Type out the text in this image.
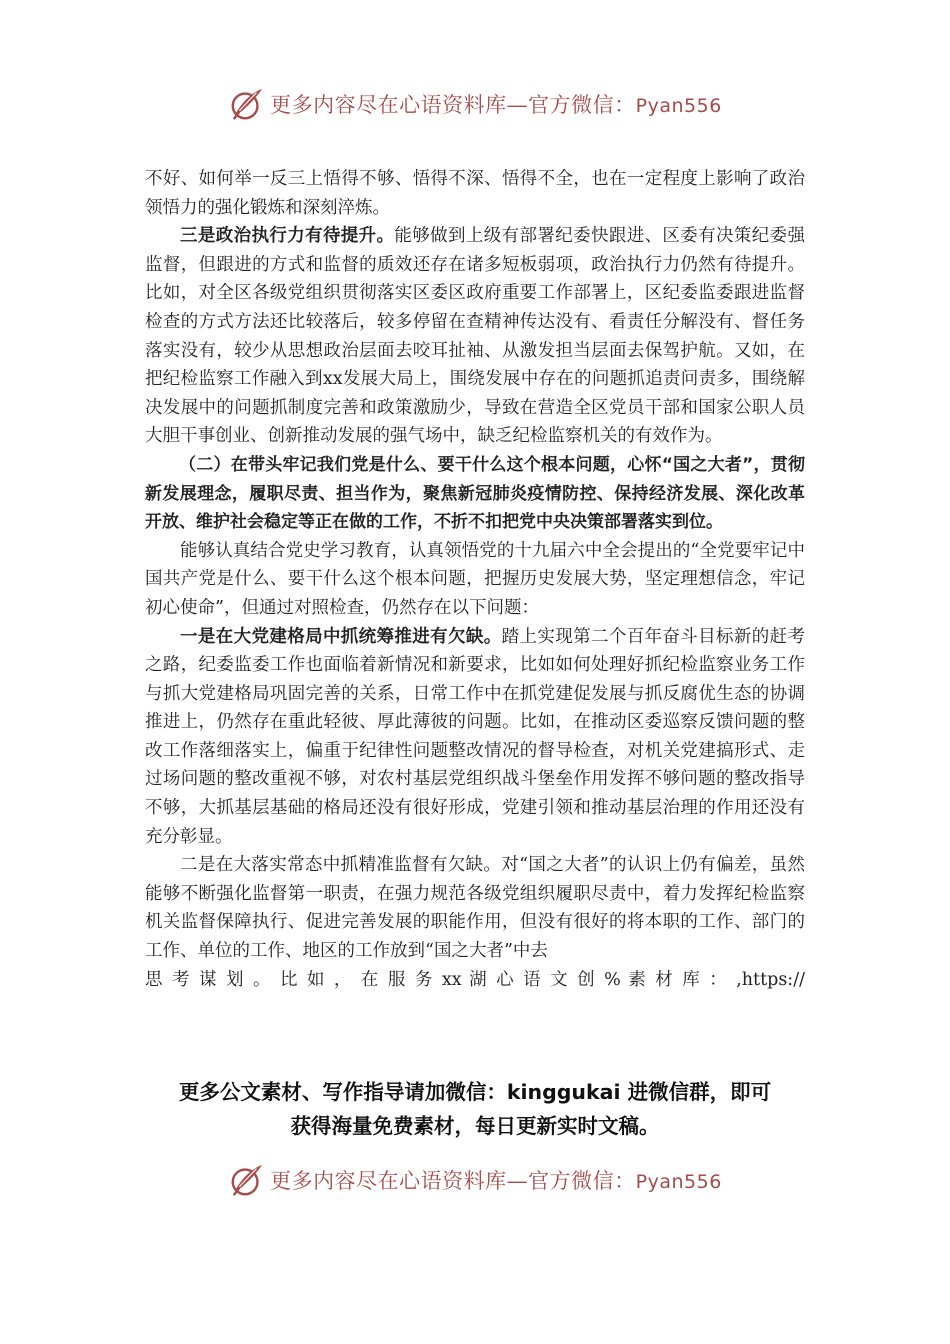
更多内容尽在心语资料库—官方微信：Pyan556

不好、如何举一反三上悟得不够、悟得不深、悟得不全，也在一定程度上影响了政治领悟力的强化锻炼和深刻淬炼。

三是政治执行力有待提升。能够做到上级有部署纪委快跟进、区委有决策纪委强监督，但跟进的方式和监督的质效还存在诸多短板弱项，政治执行力仍然有待提升。比如，对全区各级党组织贯彻落实区委区政府重要工作部署上，区纪委监委跟进监督检查的方式方法还比较落后，较多停留在查精神传达没有、看责任分解没有、督任务落实没有，较少从思想政治层面去咬耳扯袖、从激发担当层面去保驾护航。又如，在把纪检监察工作融入到xx发展大局上，围绕发展中存在的问题抓追责问责多，围绕解决发展中的问题抓制度完善和政策激励少，导致在营造全区党员干部和国家公职人员大胆干事创业、创新推动发展的强气场中，缺乏纪检监察机关的有效作为。

（二）在带头牢记我们党是什么、要干什么这个根本问题，心怀“国之大者”，贯彻新发展理念，履职尽责、担当作为，聚焦新冠肺炎疫情防控、保持经济发展、深化改革开放、维护社会稳定等正在做的工作，不折不扣把党中央决策部署落实到位。

能够认真结合党史学习教育，认真领悟党的十九届六中全会提出的“全党要牢记中国共产党是什么、要干什么这个根本问题，把握历史发展大势，坚定理想信念，牢记初心使命”，但通过对照检查，仍然存在以下问题：

一是在大党建格局中抓统筹推进有欠缺。踏上实现第二个百年奋斗目标新的赶考之路，纪委监委工作也面临着新情况和新要求，比如如何处理好抓纪检监察业务工作与抓大党建格局巩固完善的关系，日常工作中在抓党建促发展与抓反腐优生态的协调推进上，仍然存在重此轻彼、厚此薄彼的问题。比如，在推动区委巡察反馈问题的整改工作落细落实上，偏重于纪律性问题整改情况的督导检查，对机关党建搞形式、走过场问题的整改重视不够，对农村基层党组织战斗堡垒作用发挥不够问题的整改指导不够，大抓基层基础的格局还没有很好形成，党建引领和推动基层治理的作用还没有充分彰显。

二是在大落实常态中抓精准监督有欠缺。对“国之大者”的认识上仍有偏差，虽然能够不断强化监督第一职责，在强力规范各级党组织履职尽责中，着力发挥纪检监察机关监督保障执行、促进完善发展的职能作用，但没有很好的将本职的工作、部门的工作、单位的工作、地区的工作放到“国之大者”中去

思 考 谋 划 。 比 如 ， 在 服 务 xx 湖 心 语 文 创 % 素 材 库 ： ,https://

更多公文素材、写作指导请加微信：kinggukai 进微信群，即可
获得海量免费素材，每日更新实时文稿。
更多内容尽在心语资料库—官方微信：Pyan556
